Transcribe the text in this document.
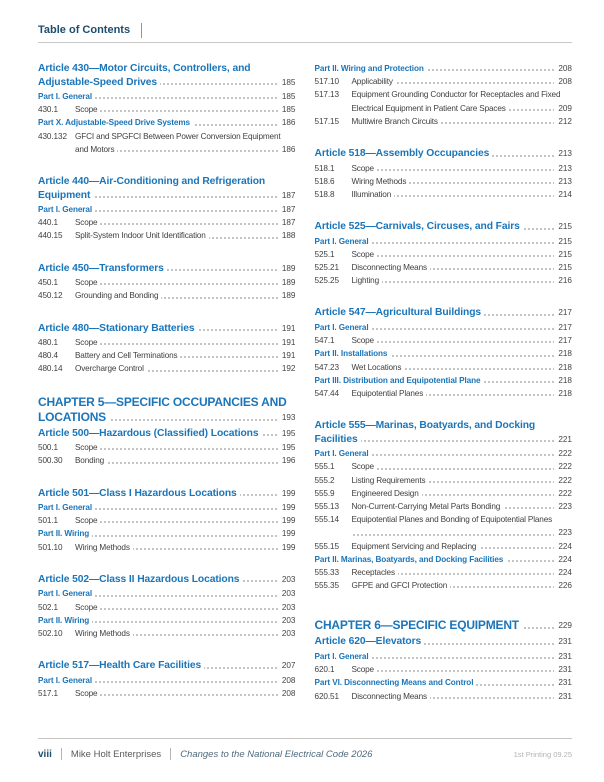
Table of Contents
Article 430—Motor Circuits, Controllers, and Adjustable-Speed Drives	185
Part I. General	185
430.1 Scope	185
Part X. Adjustable-Speed Drive Systems	186
430.132 GFCI and SPGFCI Between Power Conversion Equipment and Motors	186
Article 440—Air-Conditioning and Refrigeration Equipment	187
Part I. General	187
440.1 Scope	187
440.15 Split-System Indoor Unit Identification	188
Article 450—Transformers	189
450.1 Scope	189
450.12 Grounding and Bonding	189
Article 480—Stationary Batteries	191
480.1 Scope	191
480.4 Battery and Cell Terminations	191
480.14 Overcharge Control	192
CHAPTER 5—SPECIFIC OCCUPANCIES AND LOCATIONS	193
Article 500—Hazardous (Classified) Locations	195
500.1 Scope	195
500.30 Bonding	196
Article 501—Class I Hazardous Locations	199
Part I. General	199
501.1 Scope	199
Part II. Wiring	199
501.10 Wiring Methods	199
Article 502—Class II Hazardous Locations	203
Part I. General	203
502.1 Scope	203
Part II. Wiring	203
502.10 Wiring Methods	203
Article 517—Health Care Facilities	207
Part I. General	208
517.1 Scope	208
Part II. Wiring and Protection	208
517.10 Applicability	208
517.13 Equipment Grounding Conductor for Receptacles and Fixed Electrical Equipment in Patient Care Spaces	209
517.15 Multiwire Branch Circuits	212
Article 518—Assembly Occupancies	213
518.1 Scope	213
518.6 Wiring Methods	213
518.8 Illumination	214
Article 525—Carnivals, Circuses, and Fairs	215
Part I. General	215
525.1 Scope	215
525.21 Disconnecting Means	215
525.25 Lighting	216
Article 547—Agricultural Buildings	217
Part I. General	217
547.1 Scope	217
Part II. Installations	218
547.23 Wet Locations	218
Part III. Distribution and Equipotential Plane	218
547.44 Equipotential Planes	218
Article 555—Marinas, Boatyards, and Docking Facilities	221
Part I. General	222
555.1 Scope	222
555.2 Listing Requirements	222
555.9 Engineered Design	222
555.13 Non-Current-Carrying Metal Parts Bonding	223
555.14 Equipotential Planes and Bonding of Equipotential Planes
223
555.15 Equipment Servicing and Replacing	224
Part II. Marinas, Boatyards, and Docking Facilities	224
555.33 Receptacles	224
555.35 GFPE and GFCI Protection	226
CHAPTER 6—SPECIFIC EQUIPMENT	229
Article 620—Elevators	231
Part I. General	231
620.1 Scope	231
Part VI. Disconnecting Means and Control	231
620.51 Disconnecting Means	231
viii Mike Holt Enterprises Changes to the National Electrical Code 2026	1st Printing 09.25
